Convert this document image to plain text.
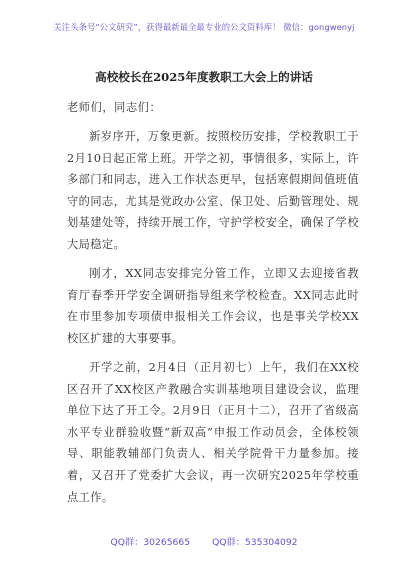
关注头条号“公文研究”，获得最新最全最专业的公文资料库！ 微信：gongwenyj
高校校长在2025年度教职工大会上的讲话
老师们，同志们：
新岁序开，万象更新。按照校历安排，学校教职工于2月10日起正常上班。开学之初，事情很多，实际上，许多部门和同志，进入工作状态更早，包括寒假期间值班值守的同志，尤其是党政办公室、保卫处、后勤管理处、规划基建处等，持续开展工作，守护学校安全，确保了学校大局稳定。
刚才，XX同志安排完分管工作，立即又去迎接省教育厅春季开学安全调研指导组来学校检查。XX同志此时在市里参加专项债申报相关工作会议，也是事关学校XX校区扩建的大事要事。
开学之前，2月4日（正月初七）上午，我们在XX校区召开了XX校区产教融合实训基地项目建设会议，监理单位下达了开工令。2月9日（正月十二），召开了省级高水平专业群验收暨“新双高”申报工作动员会，全体校领导、职能教辅部门负责人、相关学院骨干力量参加。接着，又召开了党委扩大会议，再一次研究2025年学校重点工作。
QQ群：30265665 QQ群：535304092
